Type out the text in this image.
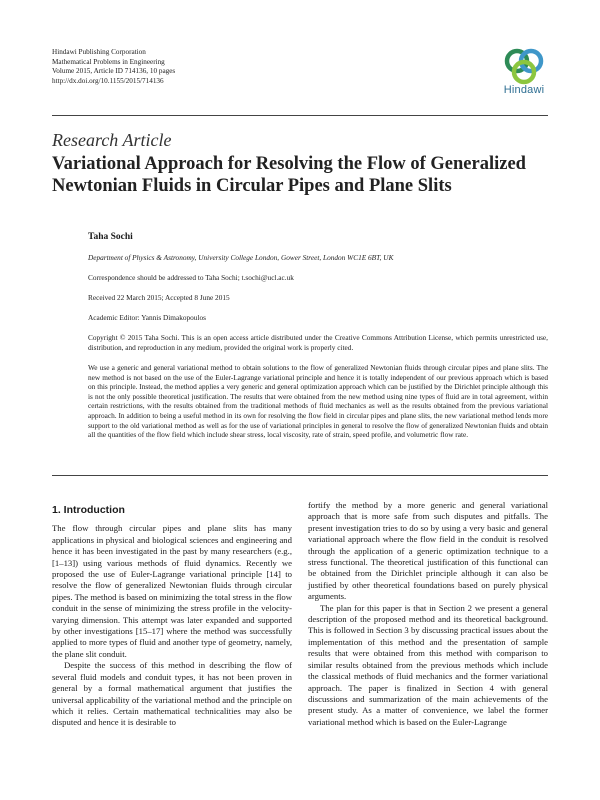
Hindawi Publishing Corporation
Mathematical Problems in Engineering
Volume 2015, Article ID 714136, 10 pages
http://dx.doi.org/10.1155/2015/714136
Hindawi
Research Article
Variational Approach for Resolving the Flow of Generalized Newtonian Fluids in Circular Pipes and Plane Slits
Taha Sochi
Department of Physics & Astronomy, University College London, Gower Street, London WC1E 6BT, UK
Correspondence should be addressed to Taha Sochi; t.sochi@ucl.ac.uk
Received 22 March 2015; Accepted 8 June 2015
Academic Editor: Yannis Dimakopoulos
Copyright © 2015 Taha Sochi. This is an open access article distributed under the Creative Commons Attribution License, which permits unrestricted use, distribution, and reproduction in any medium, provided the original work is properly cited.
We use a generic and general variational method to obtain solutions to the flow of generalized Newtonian fluids through circular pipes and plane slits. The new method is not based on the use of the Euler-Lagrange variational principle and hence it is totally independent of our previous approach which is based on this principle. Instead, the method applies a very generic and general optimization approach which can be justified by the Dirichlet principle although this is not the only possible theoretical justification. The results that were obtained from the new method using nine types of fluid are in total agreement, within certain restrictions, with the results obtained from the traditional methods of fluid mechanics as well as the results obtained from the previous variational approach. In addition to being a useful method in its own for resolving the flow field in circular pipes and plane slits, the new variational method lends more support to the old variational method as well as for the use of variational principles in general to resolve the flow of generalized Newtonian fluids and obtain all the quantities of the flow field which include shear stress, local viscosity, rate of strain, speed profile, and volumetric flow rate.
1. Introduction

The flow through circular pipes and plane slits has many applications in physical and biological sciences and engineering and hence it has been investigated in the past by many researchers (e.g., [1–13]) using various methods of fluid dynamics. Recently we proposed the use of Euler-Lagrange variational principle [14] to resolve the flow of generalized Newtonian fluids through circular pipes. The method is based on minimizing the total stress in the flow conduit in the sense of minimizing the stress profile in the velocity-varying dimension. This attempt was later expanded and supported by other investigations [15–17] where the method was successfully applied to more types of fluid and another type of geometry, namely, the plane slit conduit.

Despite the success of this method in describing the flow of several fluid models and conduit types, it has not been proven in general by a formal mathematical argument that justifies the universal applicability of the variational method and the principle on which it relies. Certain mathematical technicalities may also be disputed and hence it is desirable to

fortify the method by a more generic and general variational approach that is more safe from such disputes and pitfalls. The present investigation tries to do so by using a very basic and general variational approach where the flow field in the conduit is resolved through the application of a generic optimization technique to a stress functional. The theoretical justification of this functional can be obtained from the Dirichlet principle although it can also be justified by other theoretical foundations based on purely physical arguments.

The plan for this paper is that in Section 2 we present a general description of the proposed method and its theoretical background. This is followed in Section 3 by discussing practical issues about the implementation of this method and the presentation of sample results that were obtained from this method with comparison to similar results obtained from the previous methods which include the classical methods of fluid mechanics and the former variational approach. The paper is finalized in Section 4 with general discussions and summarization of the main achievements of the present study. As a matter of convenience, we label the former variational method which is based on the Euler-Lagrange
